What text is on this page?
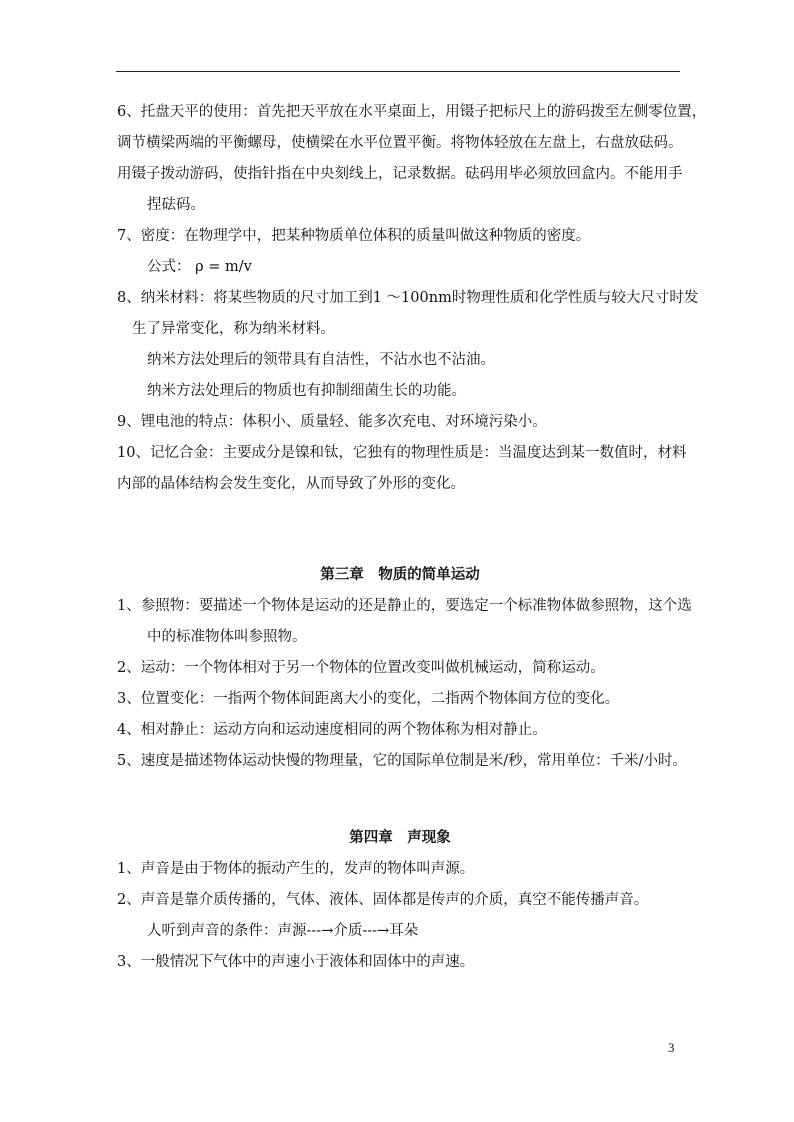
6、托盘天平的使用：首先把天平放在水平桌面上，用镊子把标尺上的游码拨至左侧零位置，
调节横梁两端的平衡螺母，使横梁在水平位置平衡。将物体轻放在左盘上，右盘放砝码。
用镊子拨动游码，使指针指在中央刻线上，记录数据。砝码用毕必须放回盒内。不能用手
捏砝码。
7、密度：在物理学中，把某种物质单位体积的质量叫做这种物质的密度。
公式： ρ = m/v
8、纳米材料：将某些物质的尺寸加工到1 ～100nm时物理性质和化学性质与较大尺寸时发
生了异常变化，称为纳米材料。
纳米方法处理后的领带具有自洁性，不沾水也不沾油。
纳米方法处理后的物质也有抑制细菌生长的功能。
9、锂电池的特点：体积小、质量轻、能多次充电、对环境污染小。
10、记忆合金：主要成分是镍和钛，它独有的物理性质是：当温度达到某一数值时，材料
内部的晶体结构会发生变化，从而导致了外形的变化。
第三章　物质的简单运动
1、参照物：要描述一个物体是运动的还是静止的，要选定一个标准物体做参照物，这个选
中的标准物体叫参照物。
2、运动：一个物体相对于另一个物体的位置改变叫做机械运动，简称运动。
3、位置变化：一指两个物体间距离大小的变化，二指两个物体间方位的变化。
4、相对静止：运动方向和运动速度相同的两个物体称为相对静止。
5、速度是描述物体运动快慢的物理量，它的国际单位制是米/秒，常用单位：千米/小时。
第四章　声现象
1、声音是由于物体的振动产生的，发声的物体叫声源。
2、声音是靠介质传播的，气体、液体、固体都是传声的介质，真空不能传播声音。
人听到声音的条件：声源---→介质---→耳朵
3、一般情况下气体中的声速小于液体和固体中的声速。
3
